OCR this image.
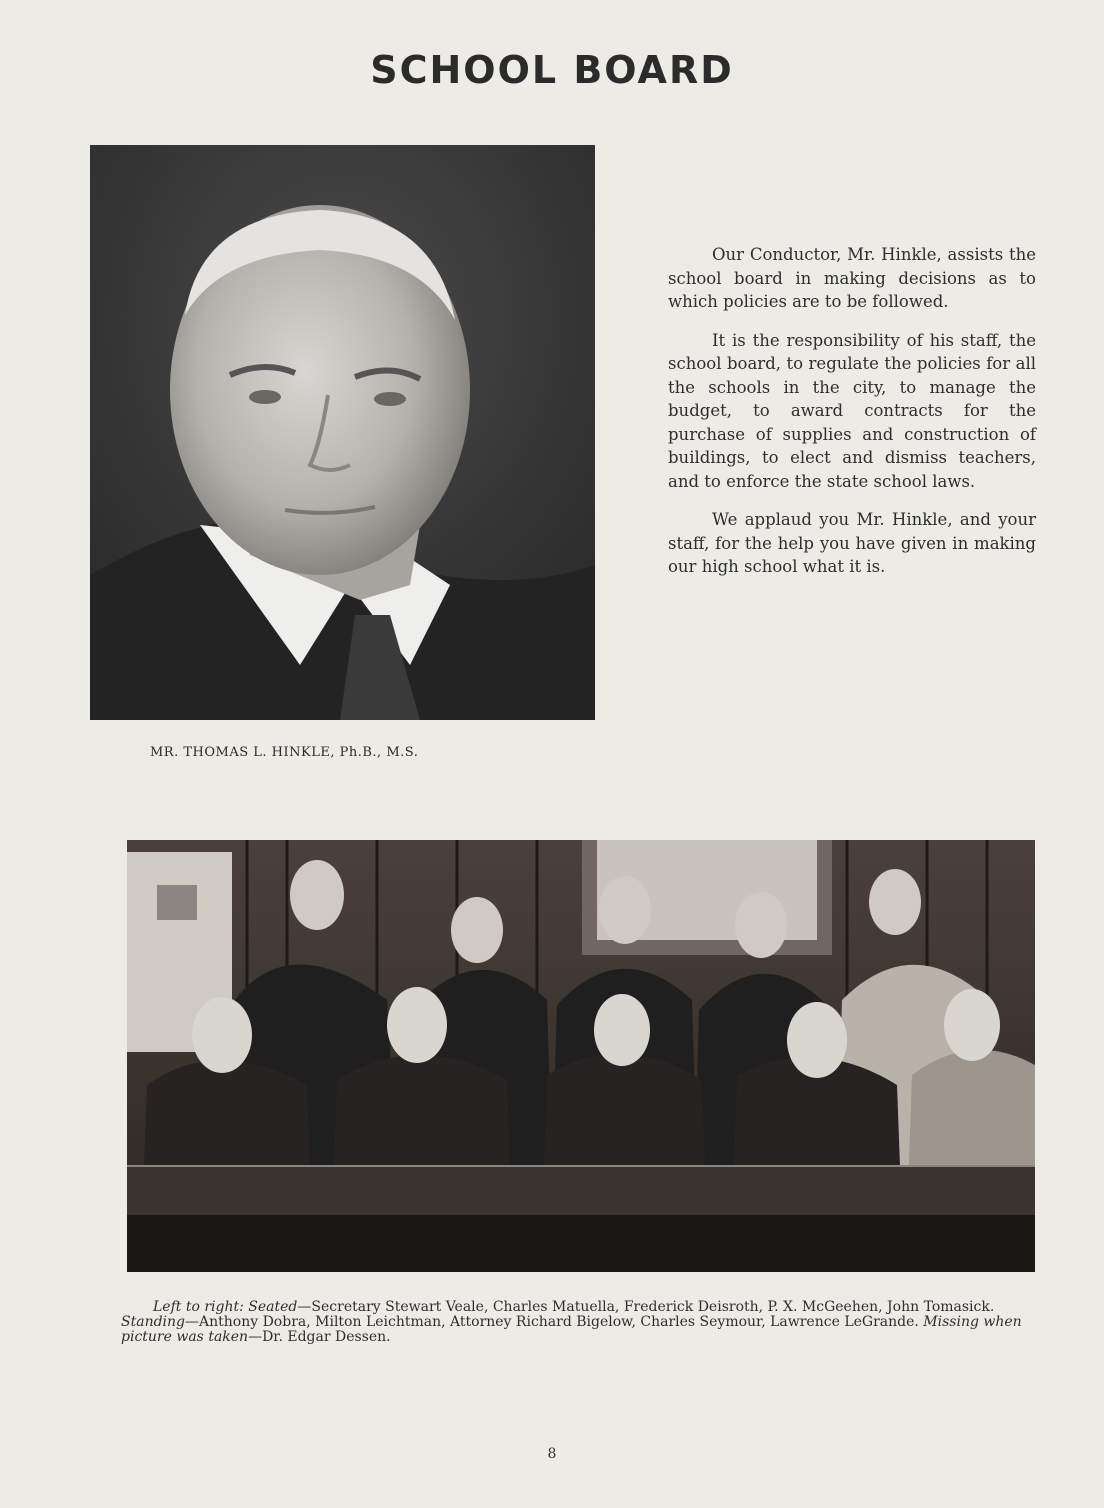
SCHOOL BOARD
MR. THOMAS L. HINKLE, Ph.B., M.S.

Our Conductor, Mr. Hinkle, assists the school board in making decisions as to which policies are to be followed.

It is the responsibility of his staff, the school board, to regulate the policies for all the schools in the city, to manage the budget, to award contracts for the purchase of supplies and construction of buildings, to elect and dismiss teachers, and to enforce the state school laws.

We applaud you Mr. Hinkle, and your staff, for the help you have given in making our high school what it is.

Left to right: Seated—Secretary Stewart Veale, Charles Matuella, Frederick Deisroth, P. X. McGeehen, John Tomasick. Standing—Anthony Dobra, Milton Leichtman, Attorney Richard Bigelow, Charles Seymour, Lawrence LeGrande. Missing when picture was taken—Dr. Edgar Dessen.
8
